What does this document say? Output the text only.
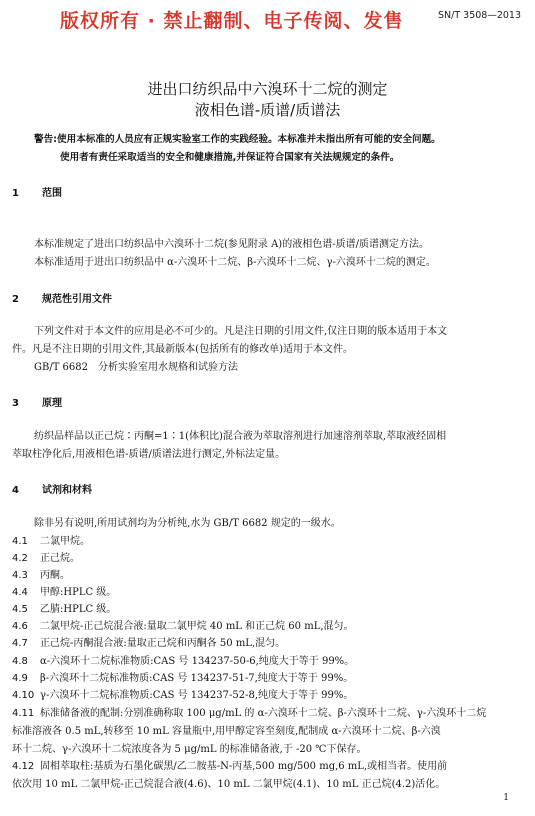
版权所有 · 禁止翻制、电子传阅、发售	SN/T 3508—2013
进出口纺织品中六溴环十二烷的测定
液相色谱-质谱/质谱法
警告:使用本标准的人员应有正规实验室工作的实践经验。本标准并未指出所有可能的安全问题。
使用者有责任采取适当的安全和健康措施,并保证符合国家有关法规规定的条件。
1 范围
本标准规定了进出口纺织品中六溴环十二烷(参见附录 A)的液相色谱-质谱/质谱测定方法。
本标准适用于进出口纺织品中 α-六溴环十二烷、β-六溴环十二烷、γ-六溴环十二烷的测定。
2 规范性引用文件
下列文件对于本文件的应用是必不可少的。凡是注日期的引用文件,仅注日期的版本适用于本文
件。凡是不注日期的引用文件,其最新版本(包括所有的修改单)适用于本文件。
GB/T 6682　分析实验室用水规格和试验方法
3 原理
纺织品样品以正己烷∶丙酮=1∶1(体积比)混合液为萃取溶剂进行加速溶剂萃取,萃取液经固相
萃取柱净化后,用液相色谱-质谱/质谱法进行测定,外标法定量。
4 试剂和材料
除非另有说明,所用试剂均为分析纯,水为 GB/T 6682 规定的一级水。
4.1 二氯甲烷。
4.2 正己烷。
4.3 丙酮。
4.4 甲醇:HPLC 级。
4.5 乙腈:HPLC 级。
4.6 二氯甲烷-正己烷混合液:量取二氯甲烷 40 mL 和正己烷 60 mL,混匀。
4.7 正己烷-丙酮混合液:量取正己烷和丙酮各 50 mL,混匀。
4.8 α-六溴环十二烷标准物质:CAS 号 134237-50-6,纯度大于等于 99%。
4.9 β-六溴环十二烷标准物质:CAS 号 134237-51-7,纯度大于等于 99%。
4.10 γ-六溴环十二烷标准物质:CAS 号 134237-52-8,纯度大于等于 99%。
4.11 标准储备液的配制:分别准确称取 100 μg/mL 的 α-六溴环十二烷、β-六溴环十二烷、γ-六溴环十二烷
标准溶液各 0.5 mL,转移至 10 mL 容量瓶中,用甲醇定容至刻度,配制成 α-六溴环十二烷、β-六溴
环十二烷、γ-六溴环十二烷浓度各为 5 μg/mL 的标准储备液,于 -20 ℃下保存。
4.12 固相萃取柱:基质为石墨化碳黑/乙二胺基-N-丙基,500 mg/500 mg,6 mL,或相当者。使用前
依次用 10 mL 二氯甲烷-正己烷混合液(4.6)、10 mL 二氯甲烷(4.1)、10 mL 正己烷(4.2)活化。
1
